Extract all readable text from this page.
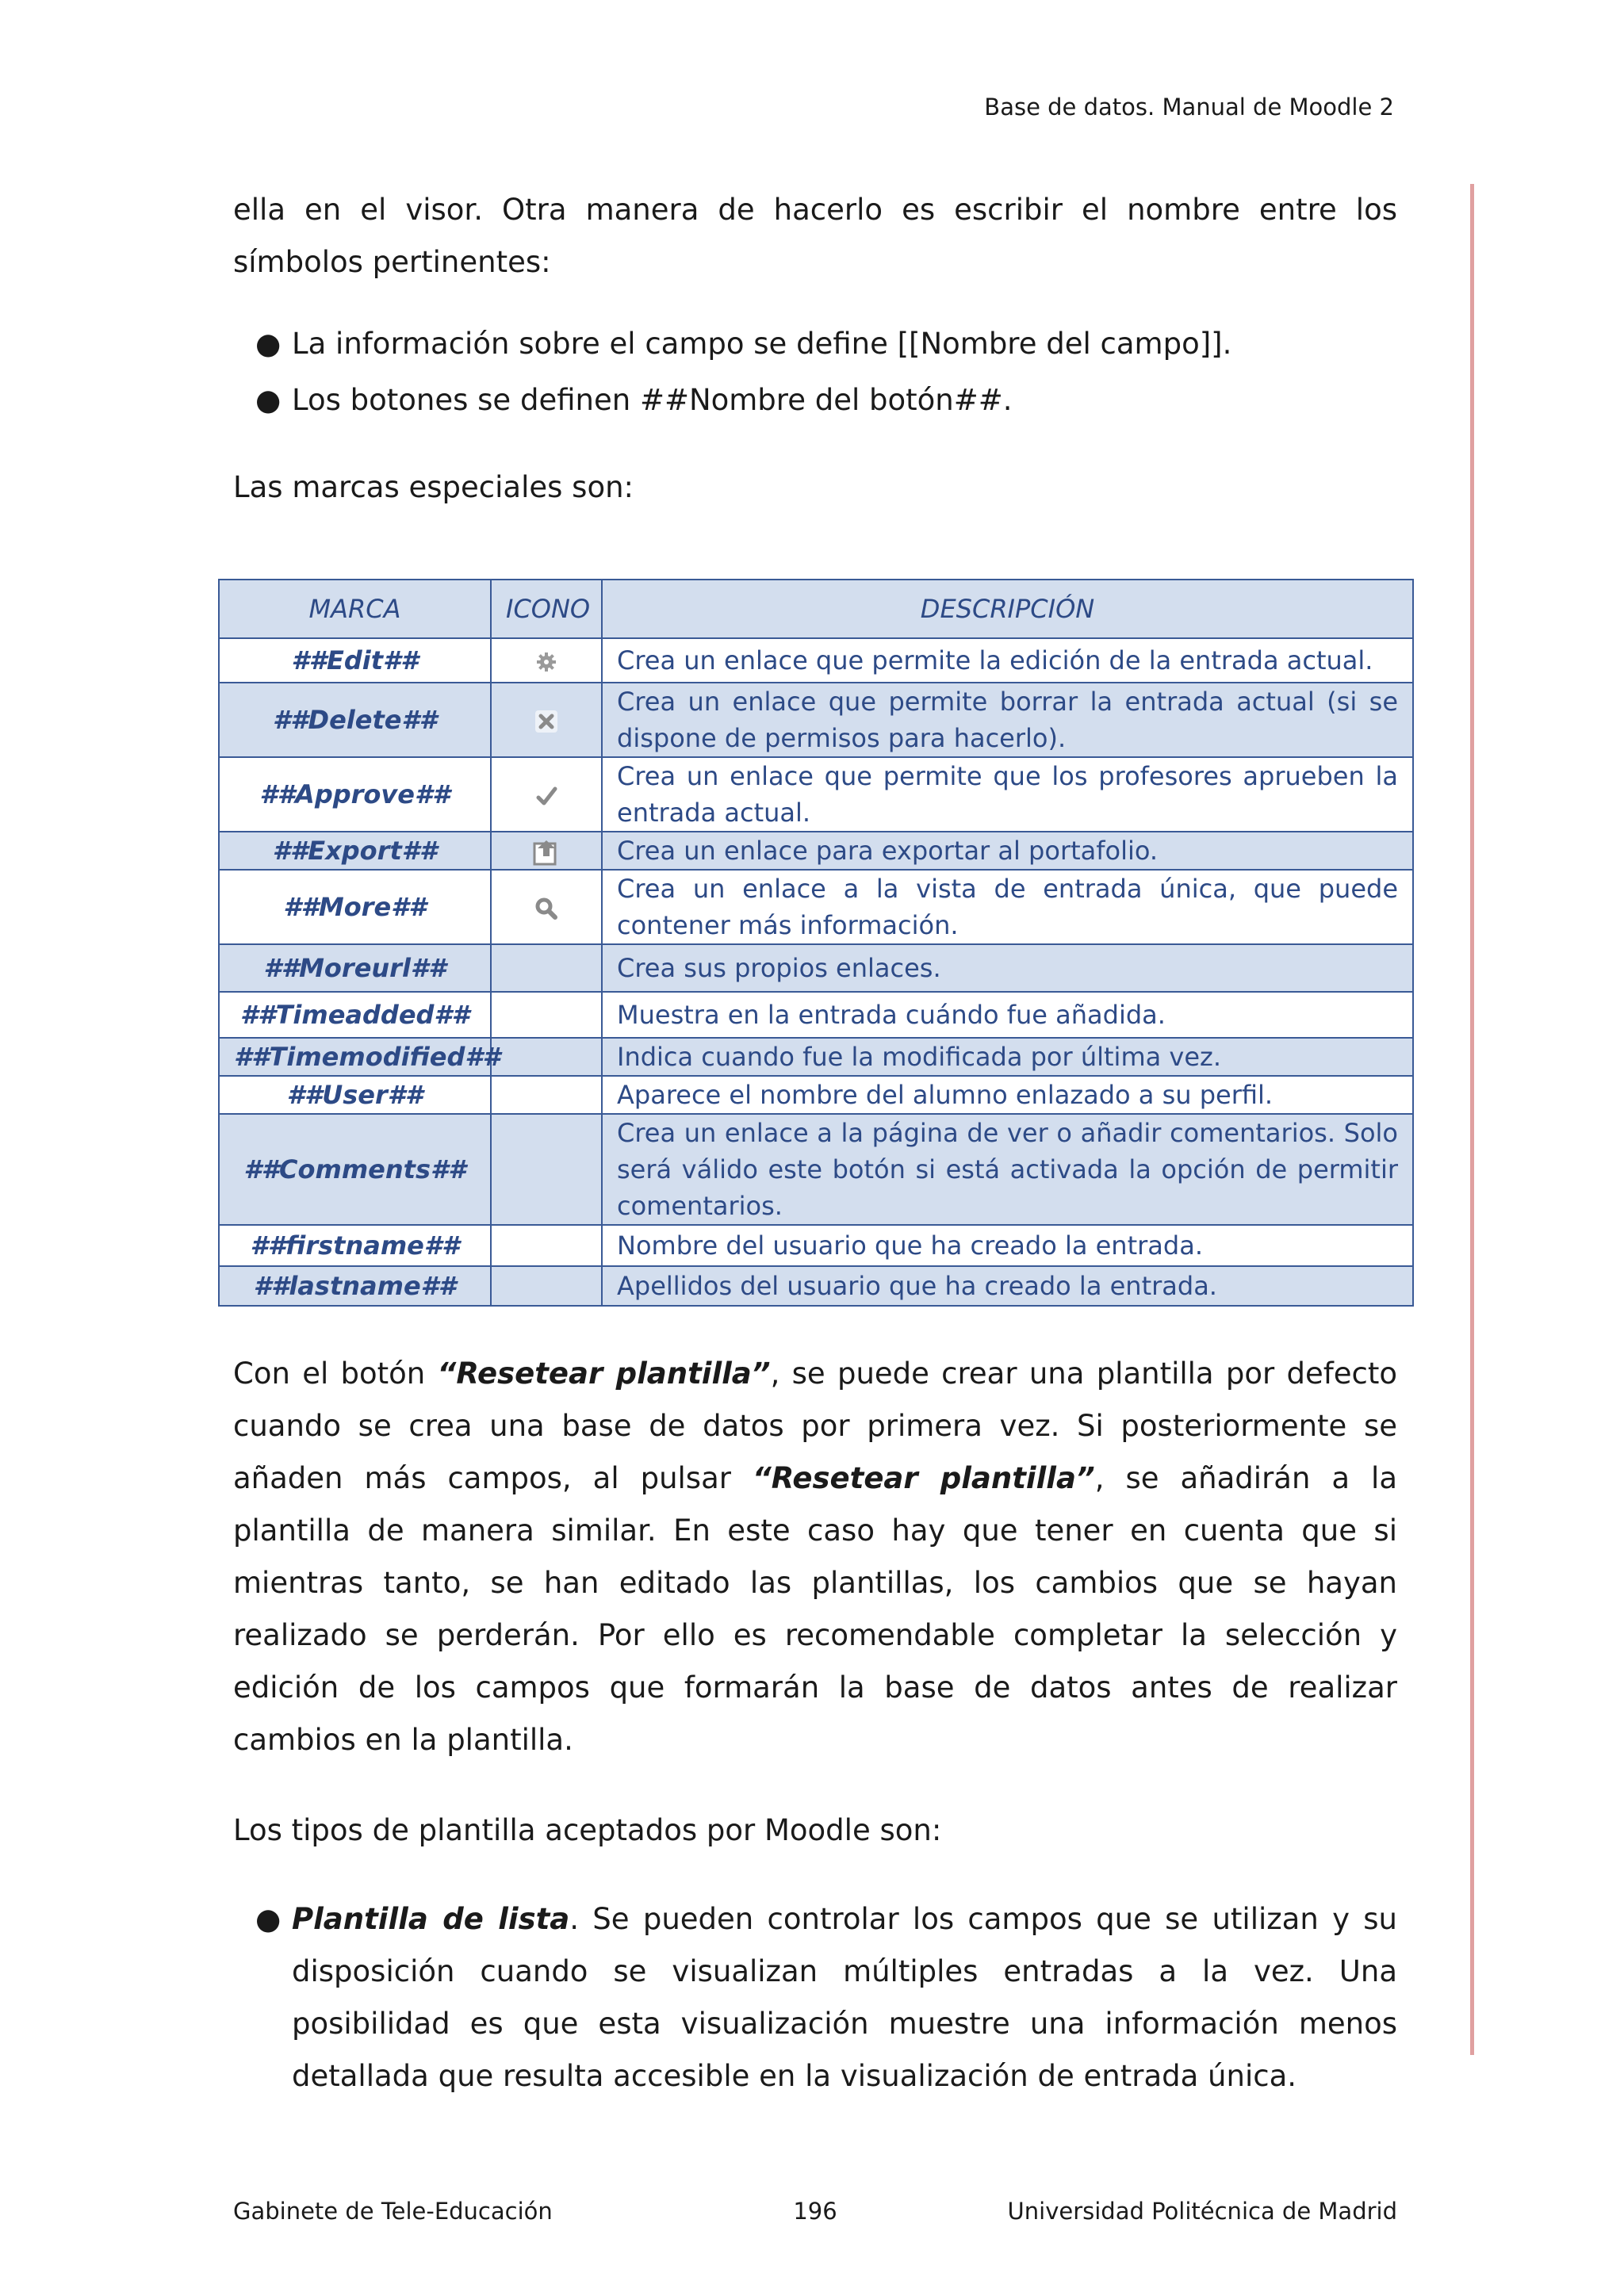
Base de datos. Manual de Moodle 2

ella en el visor. Otra manera de hacerlo es escribir el nombre entre los símbolos pertinentes:

● La información sobre el campo se define [[Nombre del campo]].
● Los botones se definen ##Nombre del botón##.

Las marcas especiales son:

MARCA	ICONO	DESCRIPCIÓN
##Edit##		Crea un enlace que permite la edición de la entrada actual.
##Delete##		Crea un enlace que permite borrar la entrada actual (si se dispone de permisos para hacerlo).
##Approve##		Crea un enlace que permite que los profesores aprueben la entrada actual.
##Export##		Crea un enlace para exportar al portafolio.
##More##		Crea un enlace a la vista de entrada única, que puede contener más información.
##Moreurl##		Crea sus propios enlaces.
##Timeadded##		Muestra en la entrada cuándo fue añadida.
##Timemodified##		Indica cuando fue la modificada por última vez.
##User##		Aparece el nombre del alumno enlazado a su perfil.
##Comments##		Crea un enlace a la página de ver o añadir comentarios. Solo será válido este botón si está activada la opción de permitir comentarios.
##firstname##		Nombre del usuario que ha creado la entrada.
##lastname##		Apellidos del usuario que ha creado la entrada.

Con el botón “Resetear plantilla”, se puede crear una plantilla por defecto cuando se crea una base de datos por primera vez. Si posteriormente se añaden más campos, al pulsar “Resetear plantilla”, se añadirán a la plantilla de manera similar. En este caso hay que tener en cuenta que si mientras tanto, se han editado las plantillas, los cambios que se hayan realizado se perderán. Por ello es recomendable completar la selección y edición de los campos que formarán la base de datos antes de realizar cambios en la plantilla.

Los tipos de plantilla aceptados por Moodle son:

● Plantilla de lista. Se pueden controlar los campos que se utilizan y su disposición cuando se visualizan múltiples entradas a la vez. Una posibilidad es que esta visualización muestre una información menos detallada que resulta accesible en la visualización de entrada única.
Gabinete de Tele-Educación	196	Universidad Politécnica de Madrid
